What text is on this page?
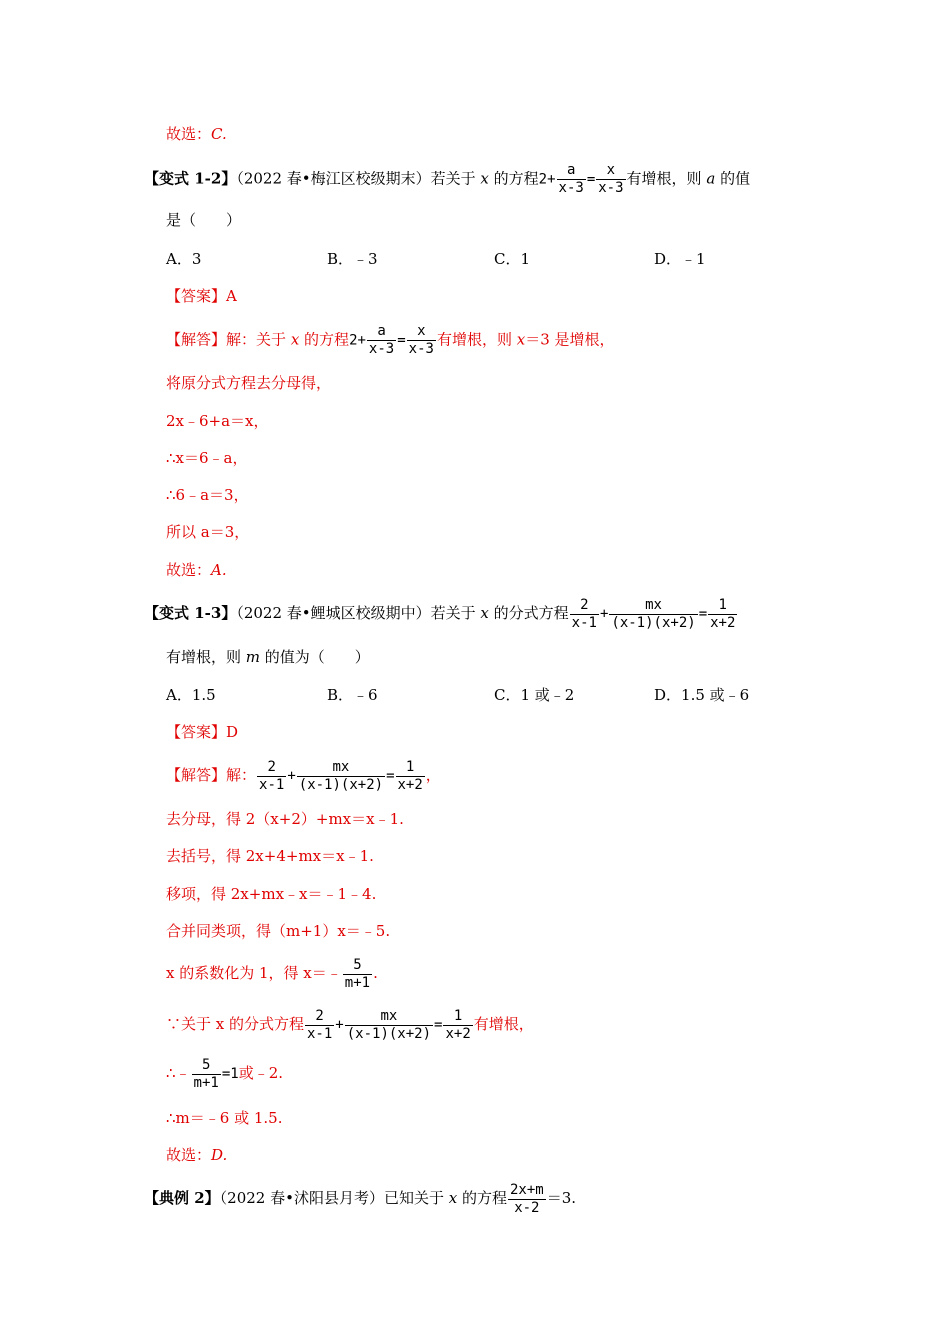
故选：C.
【变式 1-2】（2022 春•梅江区校级期末）若关于 x 的方程$2+ \frac{a}{x-3} = \frac{x}{x-3}$ 有增根，则 a 的值
是（　　）
A．3	B．﹣3	C．1	D．﹣1
【答案】A
【解答】解：关于 x 的方程$2+ \frac{a}{x-3} = \frac{x}{x-3}$ 有增根，则 x＝3 是增根，
将原分式方程去分母得，
2x﹣6+a＝x，
∴x＝6﹣a，
∴6﹣a＝3，
所以 a＝3，
故选：A.
【变式 1-3】（2022 春•鲤城区校级期中）若关于 x 的分式方程 $\frac{2}{x-1} + \frac{mx}{(x-1)(x+2)} = \frac{1}{x+2}$
有增根，则 m 的值为（　　）
A．1.5	B．﹣6	C．1 或﹣2	D．1.5 或﹣6
【答案】D
【解答】解： $\frac{2}{x-1} + \frac{mx}{(x-1)(x+2)} = \frac{1}{x+2}$ ，
去分母，得 2（x+2）+mx＝x﹣1.
去括号，得 2x+4+mx＝x﹣1.
移项，得 2x+mx﹣x＝﹣1﹣4.
合并同类项，得（m+1）x＝﹣5.
x 的系数化为 1，得 x＝﹣ $\frac{5}{m+1}$ .
∵关于 x 的分式方程 $\frac{2}{x-1} + \frac{mx}{(x-1)(x+2)} = \frac{1}{x+2}$ 有增根，
∴﹣ $\frac{5}{m+1} =1$或﹣2.
∴m＝﹣6 或 1.5.
故选：D.
【典例 2】（2022 春•沭阳县月考）已知关于 x 的方程 $\frac{2x+m}{x-2} =3$.
